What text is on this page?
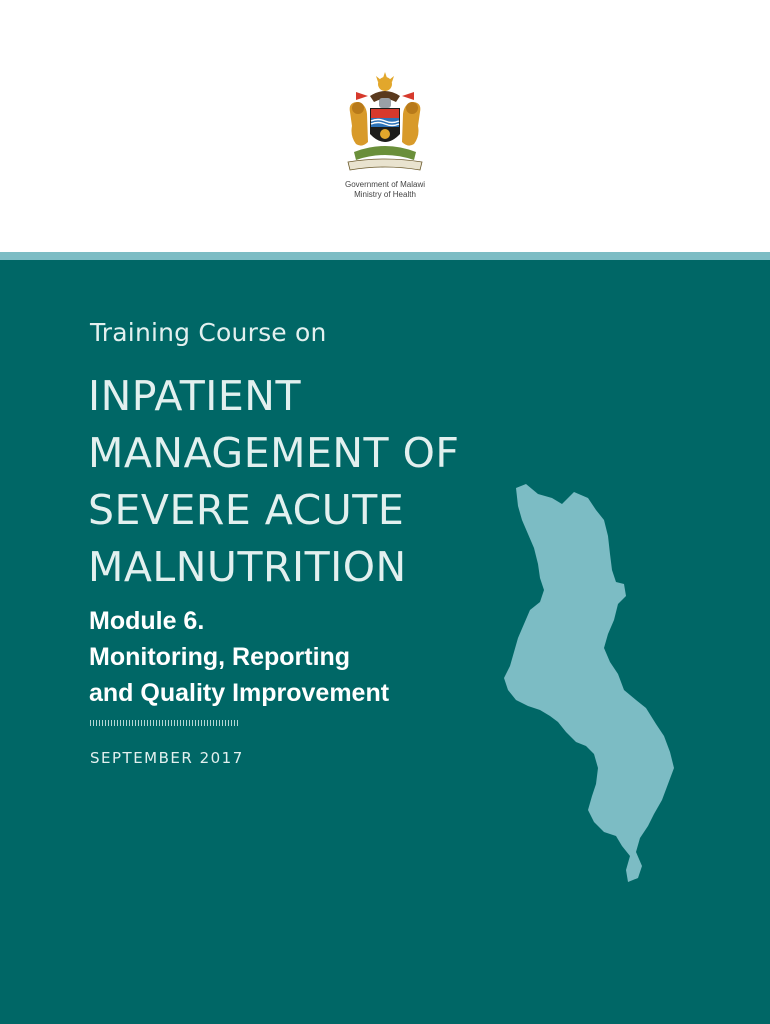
Government of Malawi
Ministry of Health
Training Course on
INPATIENT
MANAGEMENT OF
SEVERE ACUTE
MALNUTRITION
Module 6.
Monitoring, Reporting
and Quality Improvement
SEPTEMBER 2017
